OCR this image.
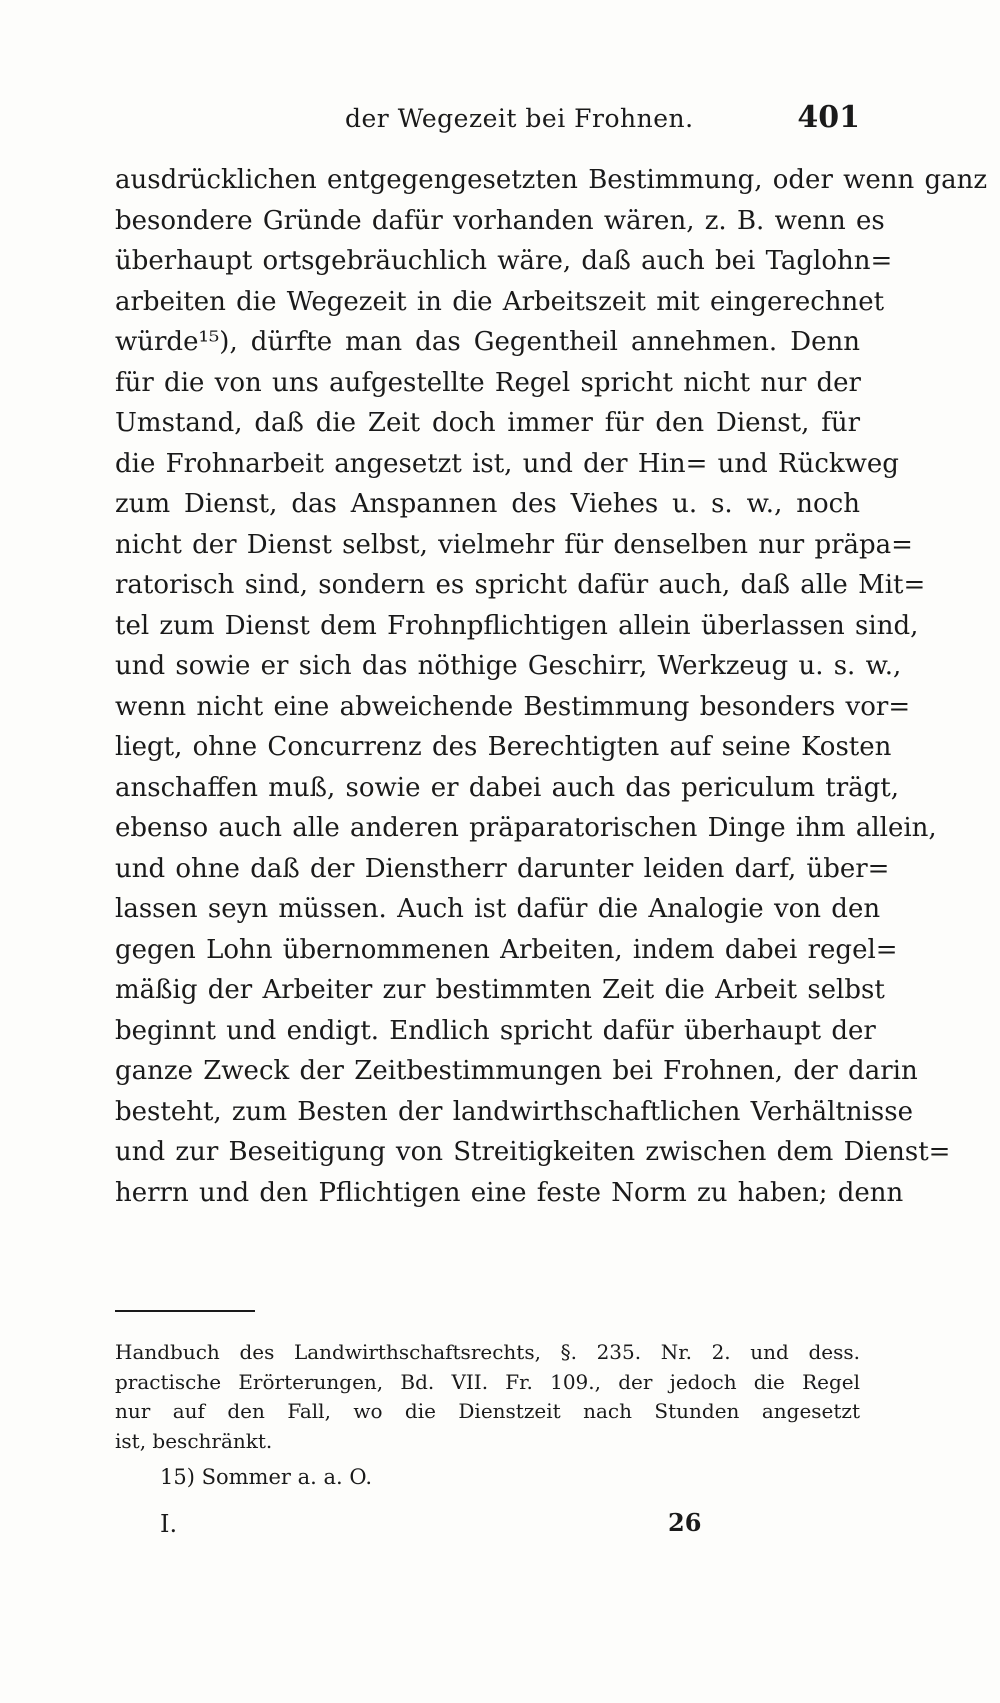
der Wegezeit bei Frohnen.	401
ausdrücklichen entgegengesetzten Bestimmung, oder wenn ganz
besondere Gründe dafür vorhanden wären, z. B. wenn es
überhaupt ortsgebräuchlich wäre, daß auch bei Taglohn=
arbeiten die Wegezeit in die Arbeitszeit mit eingerechnet
würde¹⁵), dürfte man das Gegentheil annehmen. Denn
für die von uns aufgestellte Regel spricht nicht nur der
Umstand, daß die Zeit doch immer für den Dienst, für
die Frohnarbeit angesetzt ist, und der Hin= und Rückweg
zum Dienst, das Anspannen des Viehes u. s. w., noch
nicht der Dienst selbst, vielmehr für denselben nur präpa=
ratorisch sind, sondern es spricht dafür auch, daß alle Mit=
tel zum Dienst dem Frohnpflichtigen allein überlassen sind,
und sowie er sich das nöthige Geschirr, Werkzeug u. s. w.,
wenn nicht eine abweichende Bestimmung besonders vor=
liegt, ohne Concurrenz des Berechtigten auf seine Kosten
anschaffen muß, sowie er dabei auch das periculum trägt,
ebenso auch alle anderen präparatorischen Dinge ihm allein,
und ohne daß der Dienstherr darunter leiden darf, über=
lassen seyn müssen. Auch ist dafür die Analogie von den
gegen Lohn übernommenen Arbeiten, indem dabei regel=
mäßig der Arbeiter zur bestimmten Zeit die Arbeit selbst
beginnt und endigt. Endlich spricht dafür überhaupt der
ganze Zweck der Zeitbestimmungen bei Frohnen, der darin
besteht, zum Besten der landwirthschaftlichen Verhältnisse
und zur Beseitigung von Streitigkeiten zwischen dem Dienst=
herrn und den Pflichtigen eine feste Norm zu haben; denn
Handbuch des Landwirthschaftsrechts, §. 235. Nr. 2. und dess.
practische Erörterungen, Bd. VII. Fr. 109., der jedoch die Regel
nur auf den Fall, wo die Dienstzeit nach Stunden angesetzt
ist, beschränkt.
15) Sommer a. a. O.
I.	26
